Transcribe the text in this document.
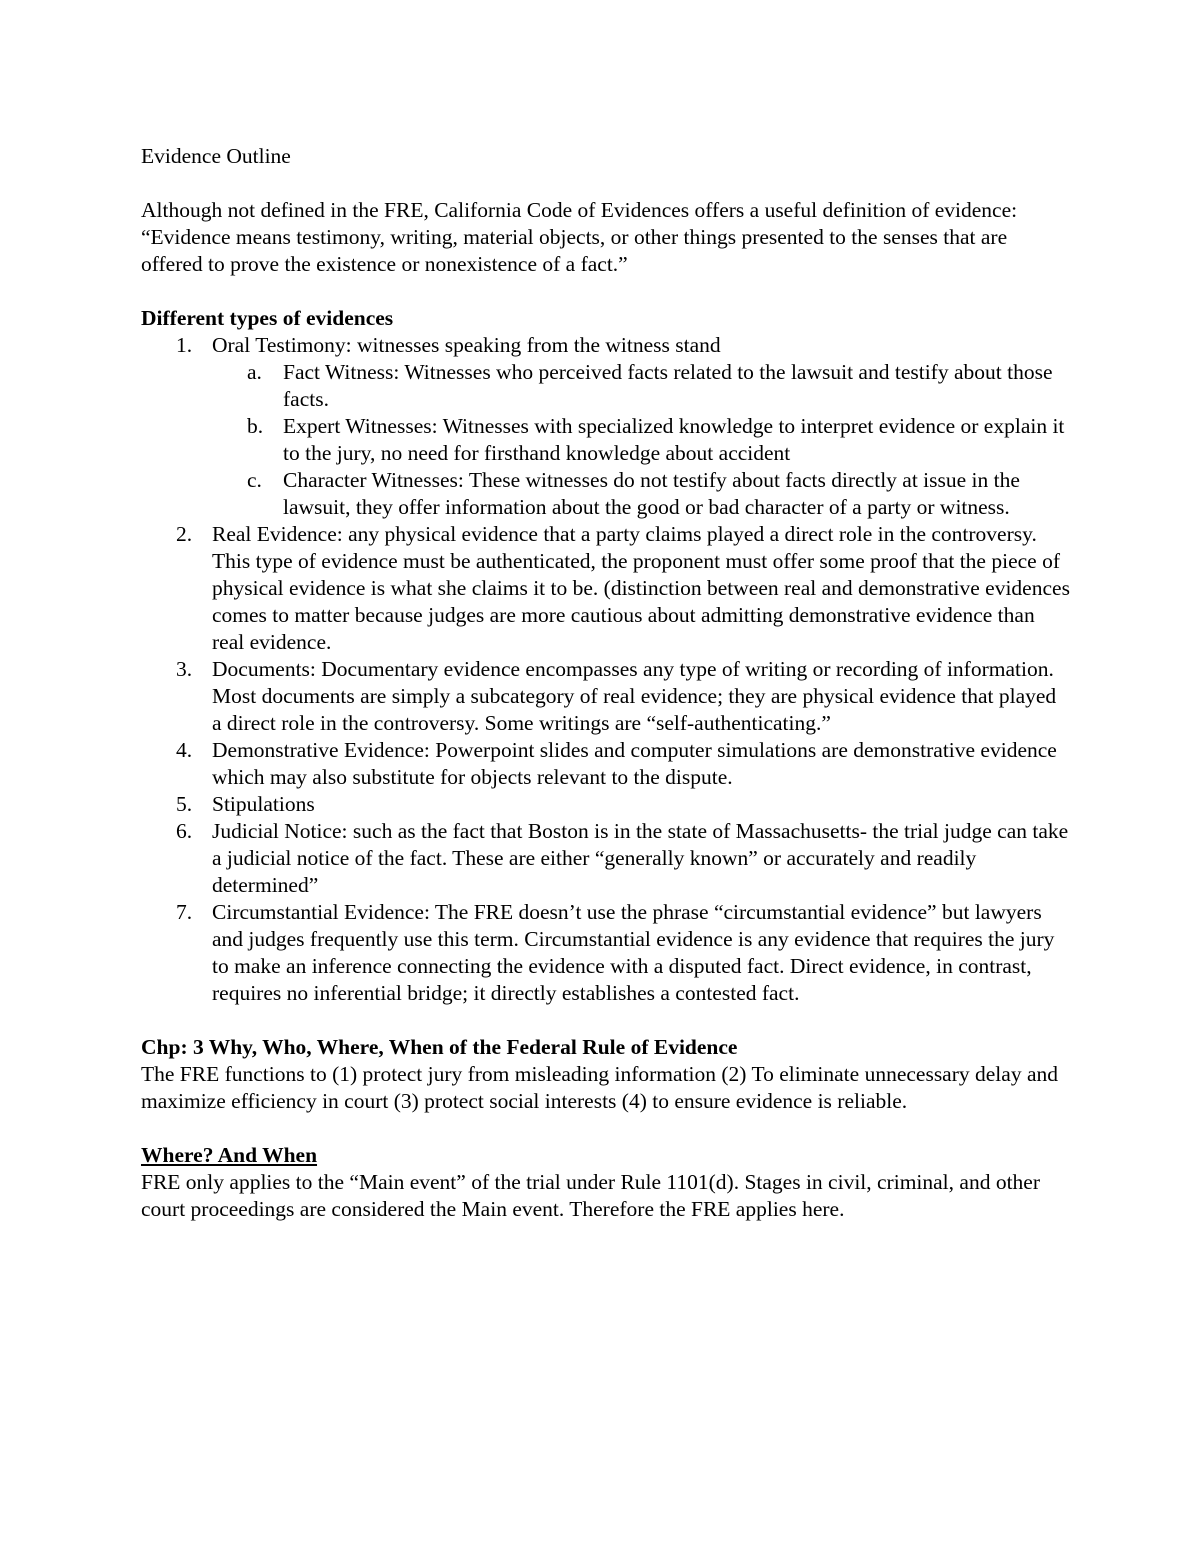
Evidence Outline

Although not defined in the FRE, California Code of Evidences offers a useful definition of evidence:

“Evidence means testimony, writing, material objects, or other things presented to the senses that are offered to prove the existence or nonexistence of a fact.”

Different types of evidences

1. Oral Testimony: witnesses speaking from the witness stand
a. Fact Witness: Witnesses who perceived facts related to the lawsuit and testify about those facts.
b. Expert Witnesses: Witnesses with specialized knowledge to interpret evidence or explain it to the jury, no need for firsthand knowledge about accident
c. Character Witnesses: These witnesses do not testify about facts directly at issue in the lawsuit, they offer information about the good or bad character of a party or witness.
2. Real Evidence: any physical evidence that a party claims played a direct role in the controversy. This type of evidence must be authenticated, the proponent must offer some proof that the piece of physical evidence is what she claims it to be. (distinction between real and demonstrative evidences comes to matter because judges are more cautious about admitting demonstrative evidence than real evidence.
3. Documents: Documentary evidence encompasses any type of writing or recording of information. Most documents are simply a subcategory of real evidence; they are physical evidence that played a direct role in the controversy. Some writings are “self-authenticating.”
4. Demonstrative Evidence: Powerpoint slides and computer simulations are demonstrative evidence which may also substitute for objects relevant to the dispute.
5. Stipulations
6. Judicial Notice: such as the fact that Boston is in the state of Massachusetts- the trial judge can take a judicial notice of the fact. These are either “generally known” or accurately and readily determined”
7. Circumstantial Evidence: The FRE doesn’t use the phrase “circumstantial evidence” but lawyers and judges frequently use this term. Circumstantial evidence is any evidence that requires the jury to make an inference connecting the evidence with a disputed fact. Direct evidence, in contrast, requires no inferential bridge; it directly establishes a contested fact.

Chp: 3 Why, Who, Where, When of the Federal Rule of Evidence

The FRE functions to (1) protect jury from misleading information (2) To eliminate unnecessary delay and maximize efficiency in court (3) protect social interests (4) to ensure evidence is reliable.

Where? And When

FRE only applies to the “Main event” of the trial under Rule 1101(d). Stages in civil, criminal, and other court proceedings are considered the Main event. Therefore the FRE applies here.
